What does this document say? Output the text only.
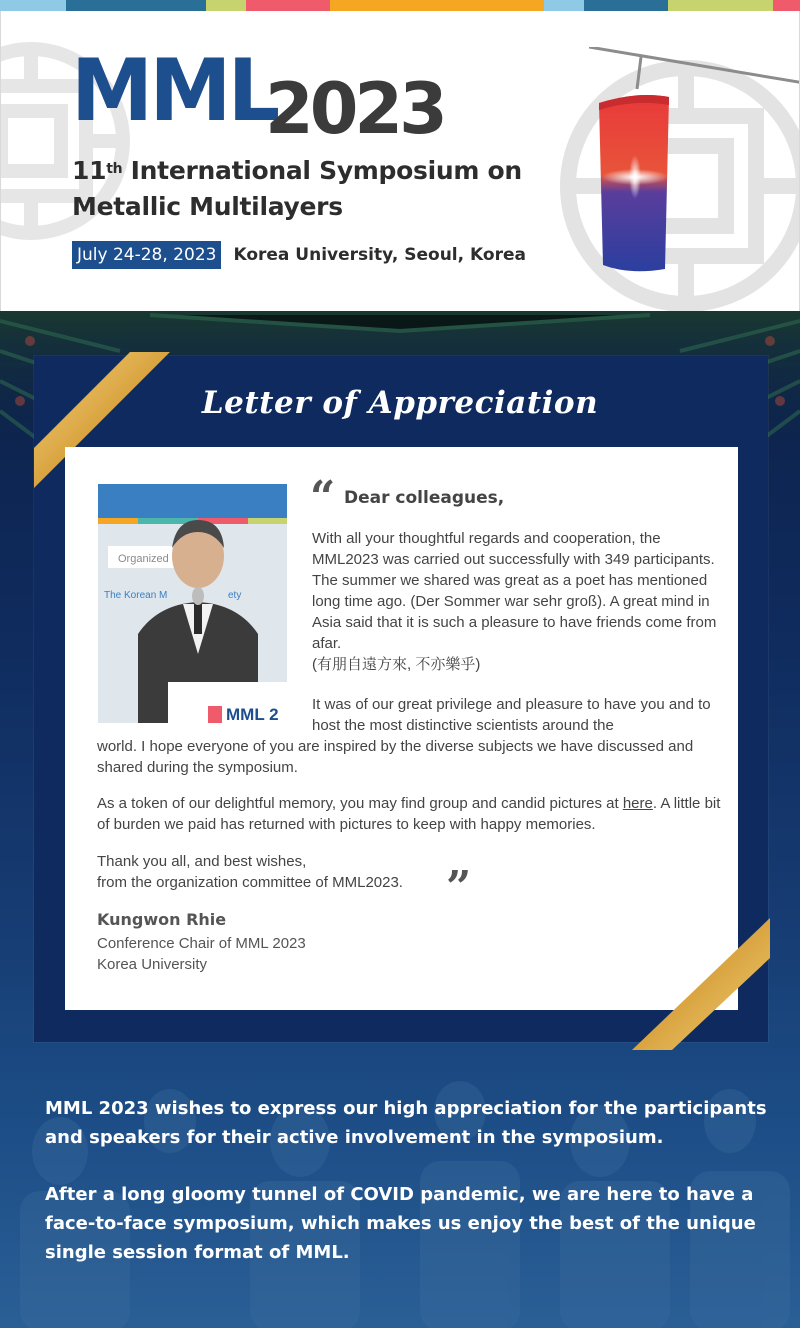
MML
2023
11th International Symposium on
Metallic Multilayers
July 24-28, 2023 Korea University, Seoul, Korea
Letter of Appreciation
Organized
The Korean M	ety
MML 2
“ Dear colleagues,
With all your thoughtful regards and cooperation, the MML2023 was carried out successfully with 349 participants. The summer we shared was great as a poet has mentioned long time ago. (Der Sommer war sehr groß). A great mind in Asia said that it is such a pleasure to have friends come from afar.
(有朋自遠方來, 不亦樂乎)
It was of our great privilege and pleasure to have you and to host the most distinctive scientists around the
world. I hope everyone of you are inspired by the diverse subjects we have discussed and shared during the symposium.
As a token of our delightful memory, you may find group and candid pictures at here. A little bit of burden we paid has returned with pictures to keep with happy memories.
Thank you all, and best wishes,
from the organization committee of MML2023. ”
Kungwon Rhie
Conference Chair of MML 2023
Korea University

MML 2023 wishes to express our high appreciation for the participants and speakers for their active involvement in the symposium.

After a long gloomy tunnel of COVID pandemic, we are here to have a face-to-face symposium, which makes us enjoy the best of the unique single session format of MML.
